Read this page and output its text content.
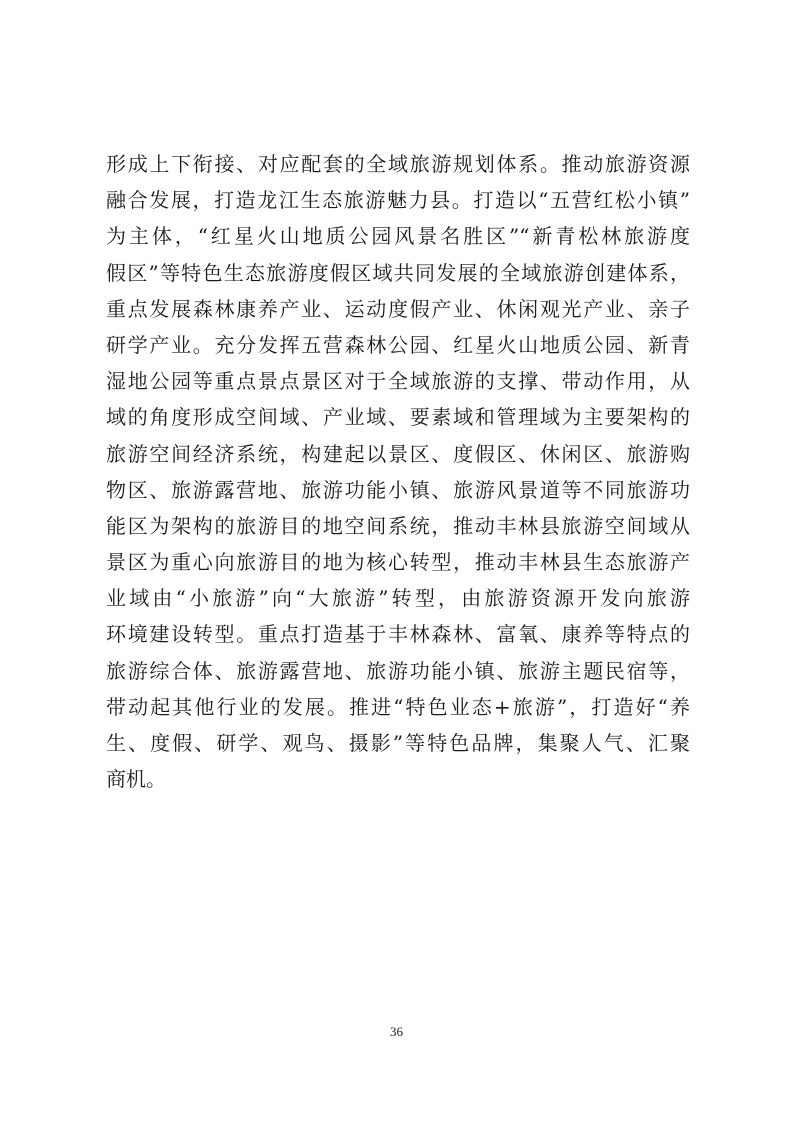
形成上下衔接、对应配套的全域旅游规划体系。推动旅游资源
融合发展，打造龙江生态旅游魅力县。打造以“五营红松小镇”
为主体，“红星火山地质公园风景名胜区”“新青松林旅游度
假区”等特色生态旅游度假区域共同发展的全域旅游创建体系，
重点发展森林康养产业、运动度假产业、休闲观光产业、亲子
研学产业。充分发挥五营森林公园、红星火山地质公园、新青
湿地公园等重点景点景区对于全域旅游的支撑、带动作用，从
域的角度形成空间域、产业域、要素域和管理域为主要架构的
旅游空间经济系统，构建起以景区、度假区、休闲区、旅游购
物区、旅游露营地、旅游功能小镇、旅游风景道等不同旅游功
能区为架构的旅游目的地空间系统，推动丰林县旅游空间域从
景区为重心向旅游目的地为核心转型，推动丰林县生态旅游产
业域由“小旅游”向“大旅游”转型，由旅游资源开发向旅游
环境建设转型。重点打造基于丰林森林、富氧、康养等特点的
旅游综合体、旅游露营地、旅游功能小镇、旅游主题民宿等，
带动起其他行业的发展。推进“特色业态+旅游”，打造好“养
生、度假、研学、观鸟、摄影”等特色品牌，集聚人气、汇聚
商机。
36
